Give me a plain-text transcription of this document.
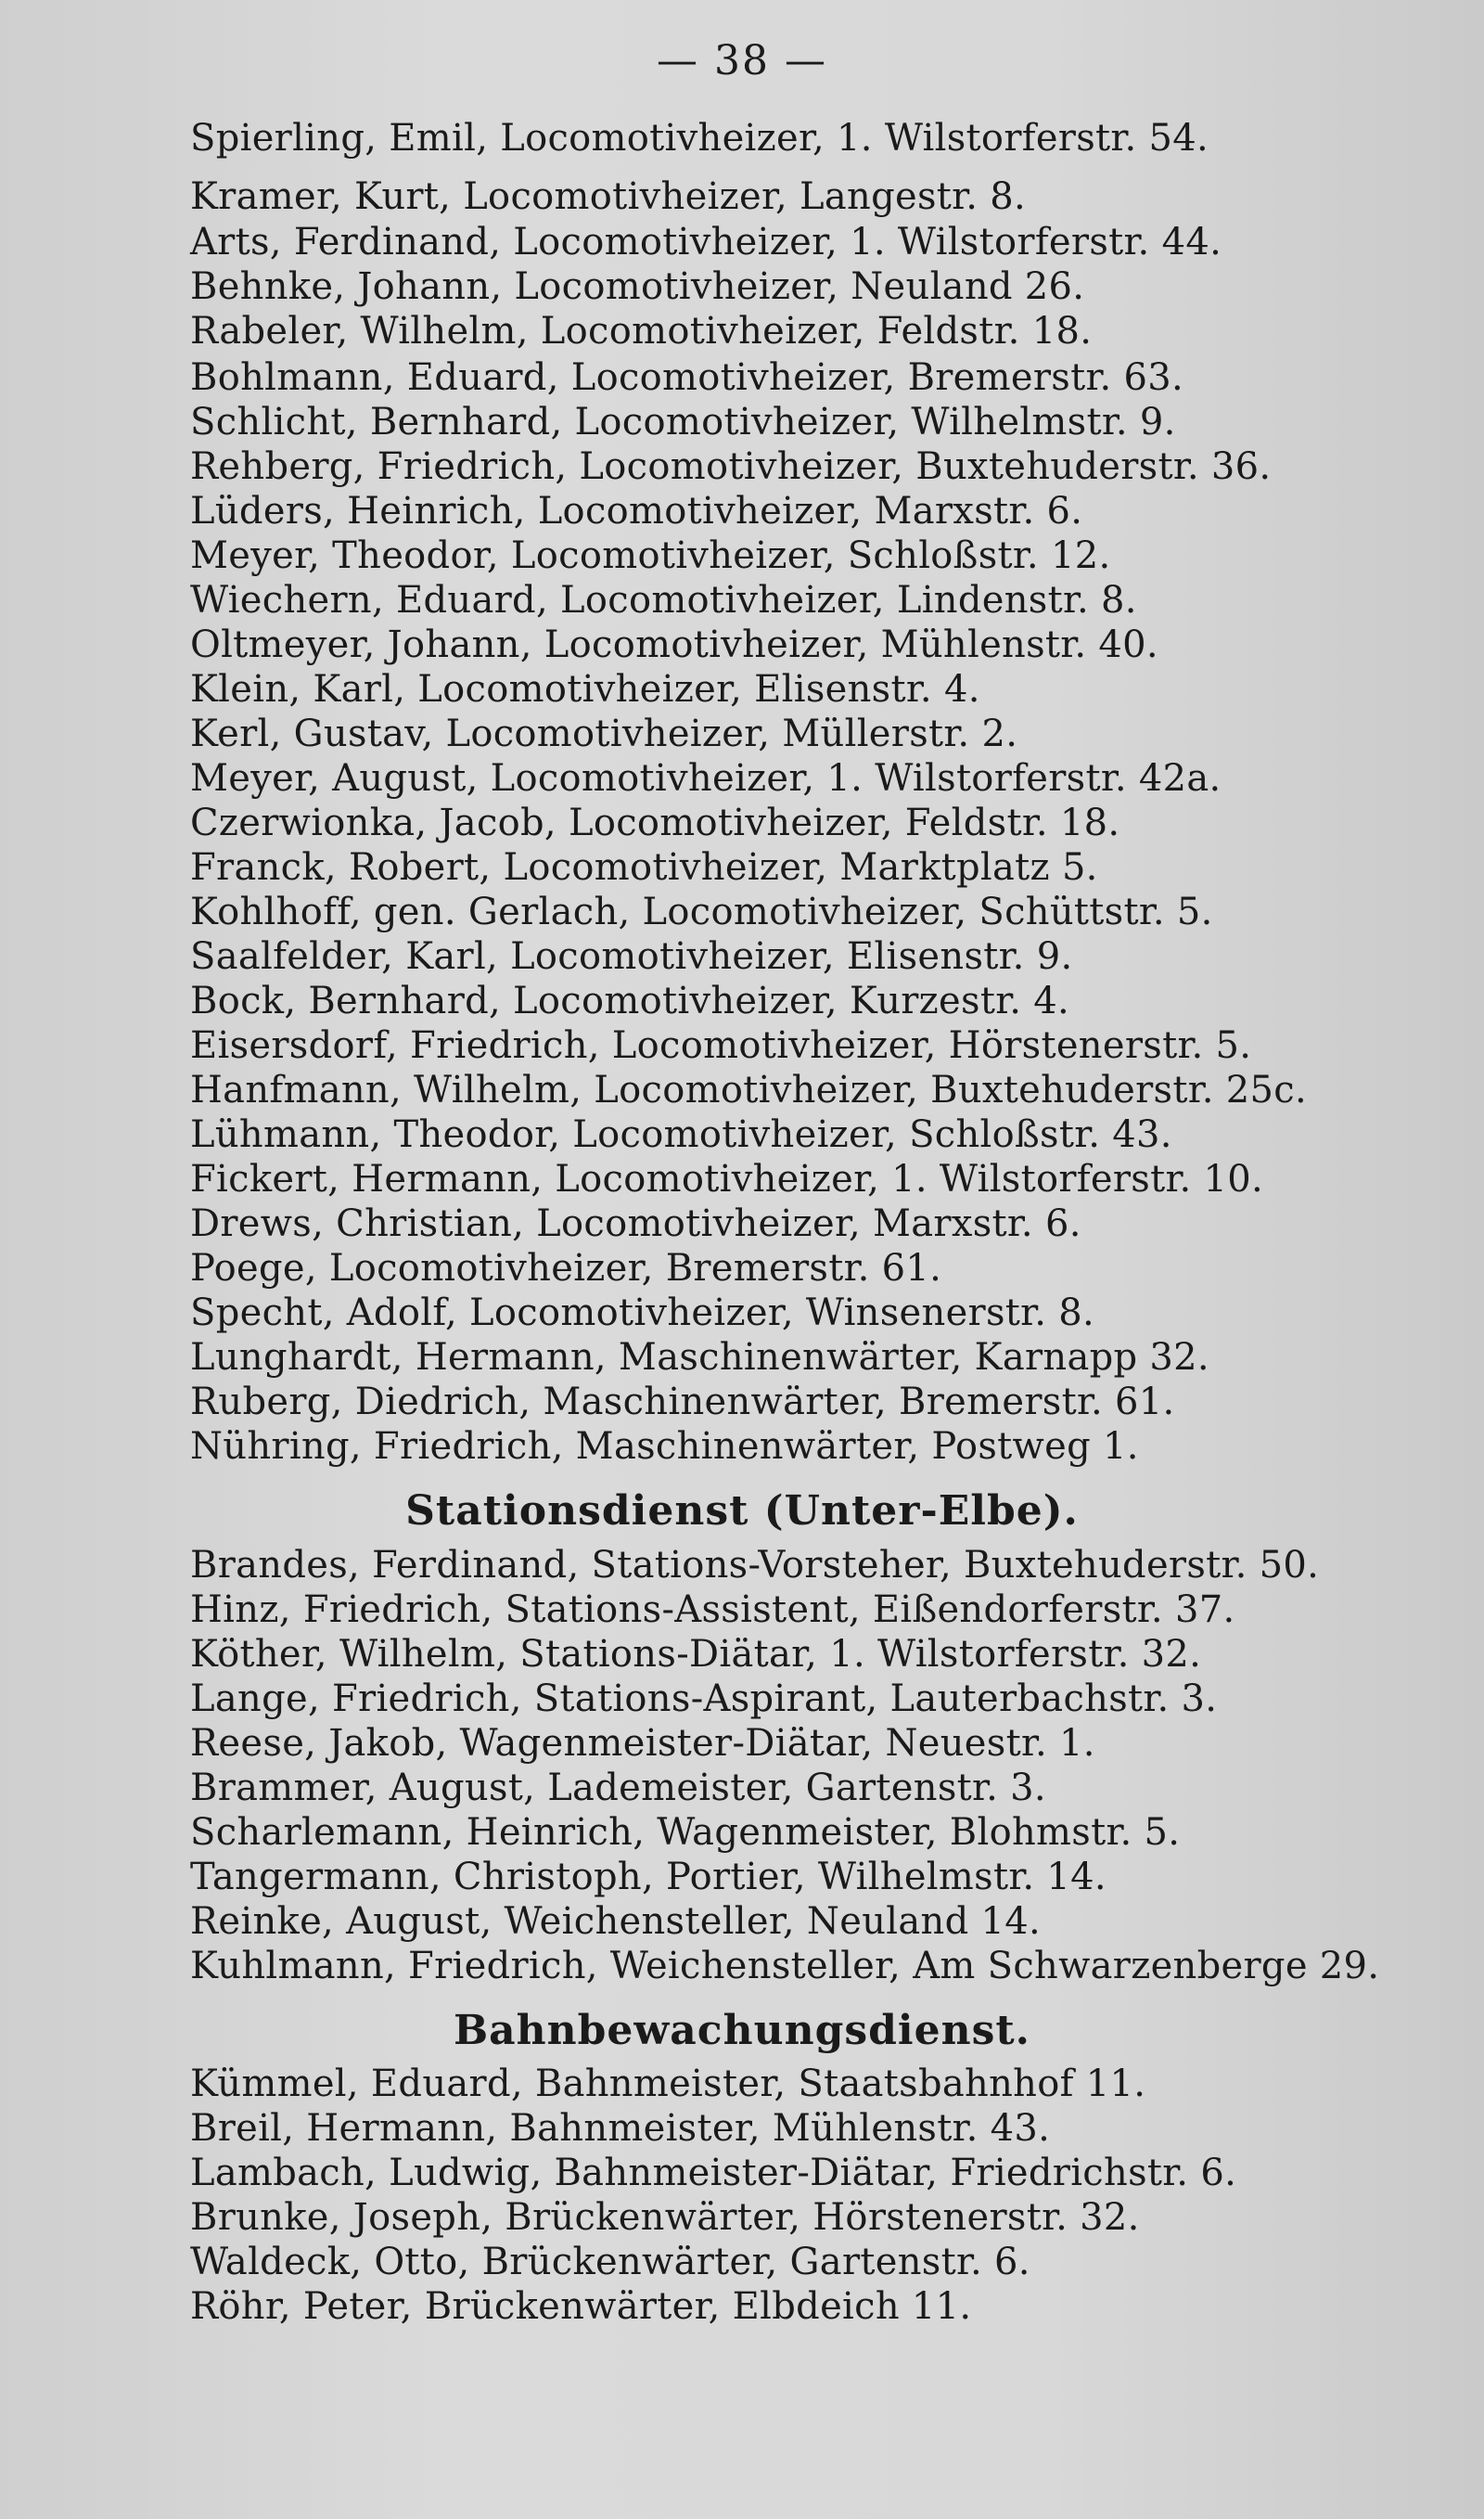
— 38 —
Spierling, Emil, Locomotivheizer, 1. Wilstorferstr. 54.
Kramer, Kurt, Locomotivheizer, Langestr. 8.
Arts, Ferdinand, Locomotivheizer, 1. Wilstorferstr. 44.
Behnke, Johann, Locomotivheizer, Neuland 26.
Rabeler, Wilhelm, Locomotivheizer, Feldstr. 18.
Bohlmann, Eduard, Locomotivheizer, Bremerstr. 63.
Schlicht, Bernhard, Locomotivheizer, Wilhelmstr. 9.
Rehberg, Friedrich, Locomotivheizer, Buxtehuderstr. 36.
Lüders, Heinrich, Locomotivheizer, Marxstr. 6.
Meyer, Theodor, Locomotivheizer, Schloßstr. 12.
Wiechern, Eduard, Locomotivheizer, Lindenstr. 8.
Oltmeyer, Johann, Locomotivheizer, Mühlenstr. 40.
Klein, Karl, Locomotivheizer, Elisenstr. 4.
Kerl, Gustav, Locomotivheizer, Müllerstr. 2.
Meyer, August, Locomotivheizer, 1. Wilstorferstr. 42a.
Czerwionka, Jacob, Locomotivheizer, Feldstr. 18.
Franck, Robert, Locomotivheizer, Marktplatz 5.
Kohlhoff, gen. Gerlach, Locomotivheizer, Schüttstr. 5.
Saalfelder, Karl, Locomotivheizer, Elisenstr. 9.
Bock, Bernhard, Locomotivheizer, Kurzestr. 4.
Eisersdorf, Friedrich, Locomotivheizer, Hörstenerstr. 5.
Hanfmann, Wilhelm, Locomotivheizer, Buxtehuderstr. 25c.
Lühmann, Theodor, Locomotivheizer, Schloßstr. 43.
Fickert, Hermann, Locomotivheizer, 1. Wilstorferstr. 10.
Drews, Christian, Locomotivheizer, Marxstr. 6.
Poege, Locomotivheizer, Bremerstr. 61.
Specht, Adolf, Locomotivheizer, Winsenerstr. 8.
Lunghardt, Hermann, Maschinenwärter, Karnapp 32.
Ruberg, Diedrich, Maschinenwärter, Bremerstr. 61.
Nühring, Friedrich, Maschinenwärter, Postweg 1.
Stationsdienst (Unter-Elbe).
Brandes, Ferdinand, Stations-Vorsteher, Buxtehuderstr. 50.
Hinz, Friedrich, Stations-Assistent, Eißendorferstr. 37.
Köther, Wilhelm, Stations-Diätar, 1. Wilstorferstr. 32.
Lange, Friedrich, Stations-Aspirant, Lauterbachstr. 3.
Reese, Jakob, Wagenmeister-Diätar, Neuestr. 1.
Brammer, August, Lademeister, Gartenstr. 3.
Scharlemann, Heinrich, Wagenmeister, Blohmstr. 5.
Tangermann, Christoph, Portier, Wilhelmstr. 14.
Reinke, August, Weichensteller, Neuland 14.
Kuhlmann, Friedrich, Weichensteller, Am Schwarzenberge 29.
Bahnbewachungsdienst.
Kümmel, Eduard, Bahnmeister, Staatsbahnhof 11.
Breil, Hermann, Bahnmeister, Mühlenstr. 43.
Lambach, Ludwig, Bahnmeister-Diätar, Friedrichstr. 6.
Brunke, Joseph, Brückenwärter, Hörstenerstr. 32.
Waldeck, Otto, Brückenwärter, Gartenstr. 6.
Röhr, Peter, Brückenwärter, Elbdeich 11.
